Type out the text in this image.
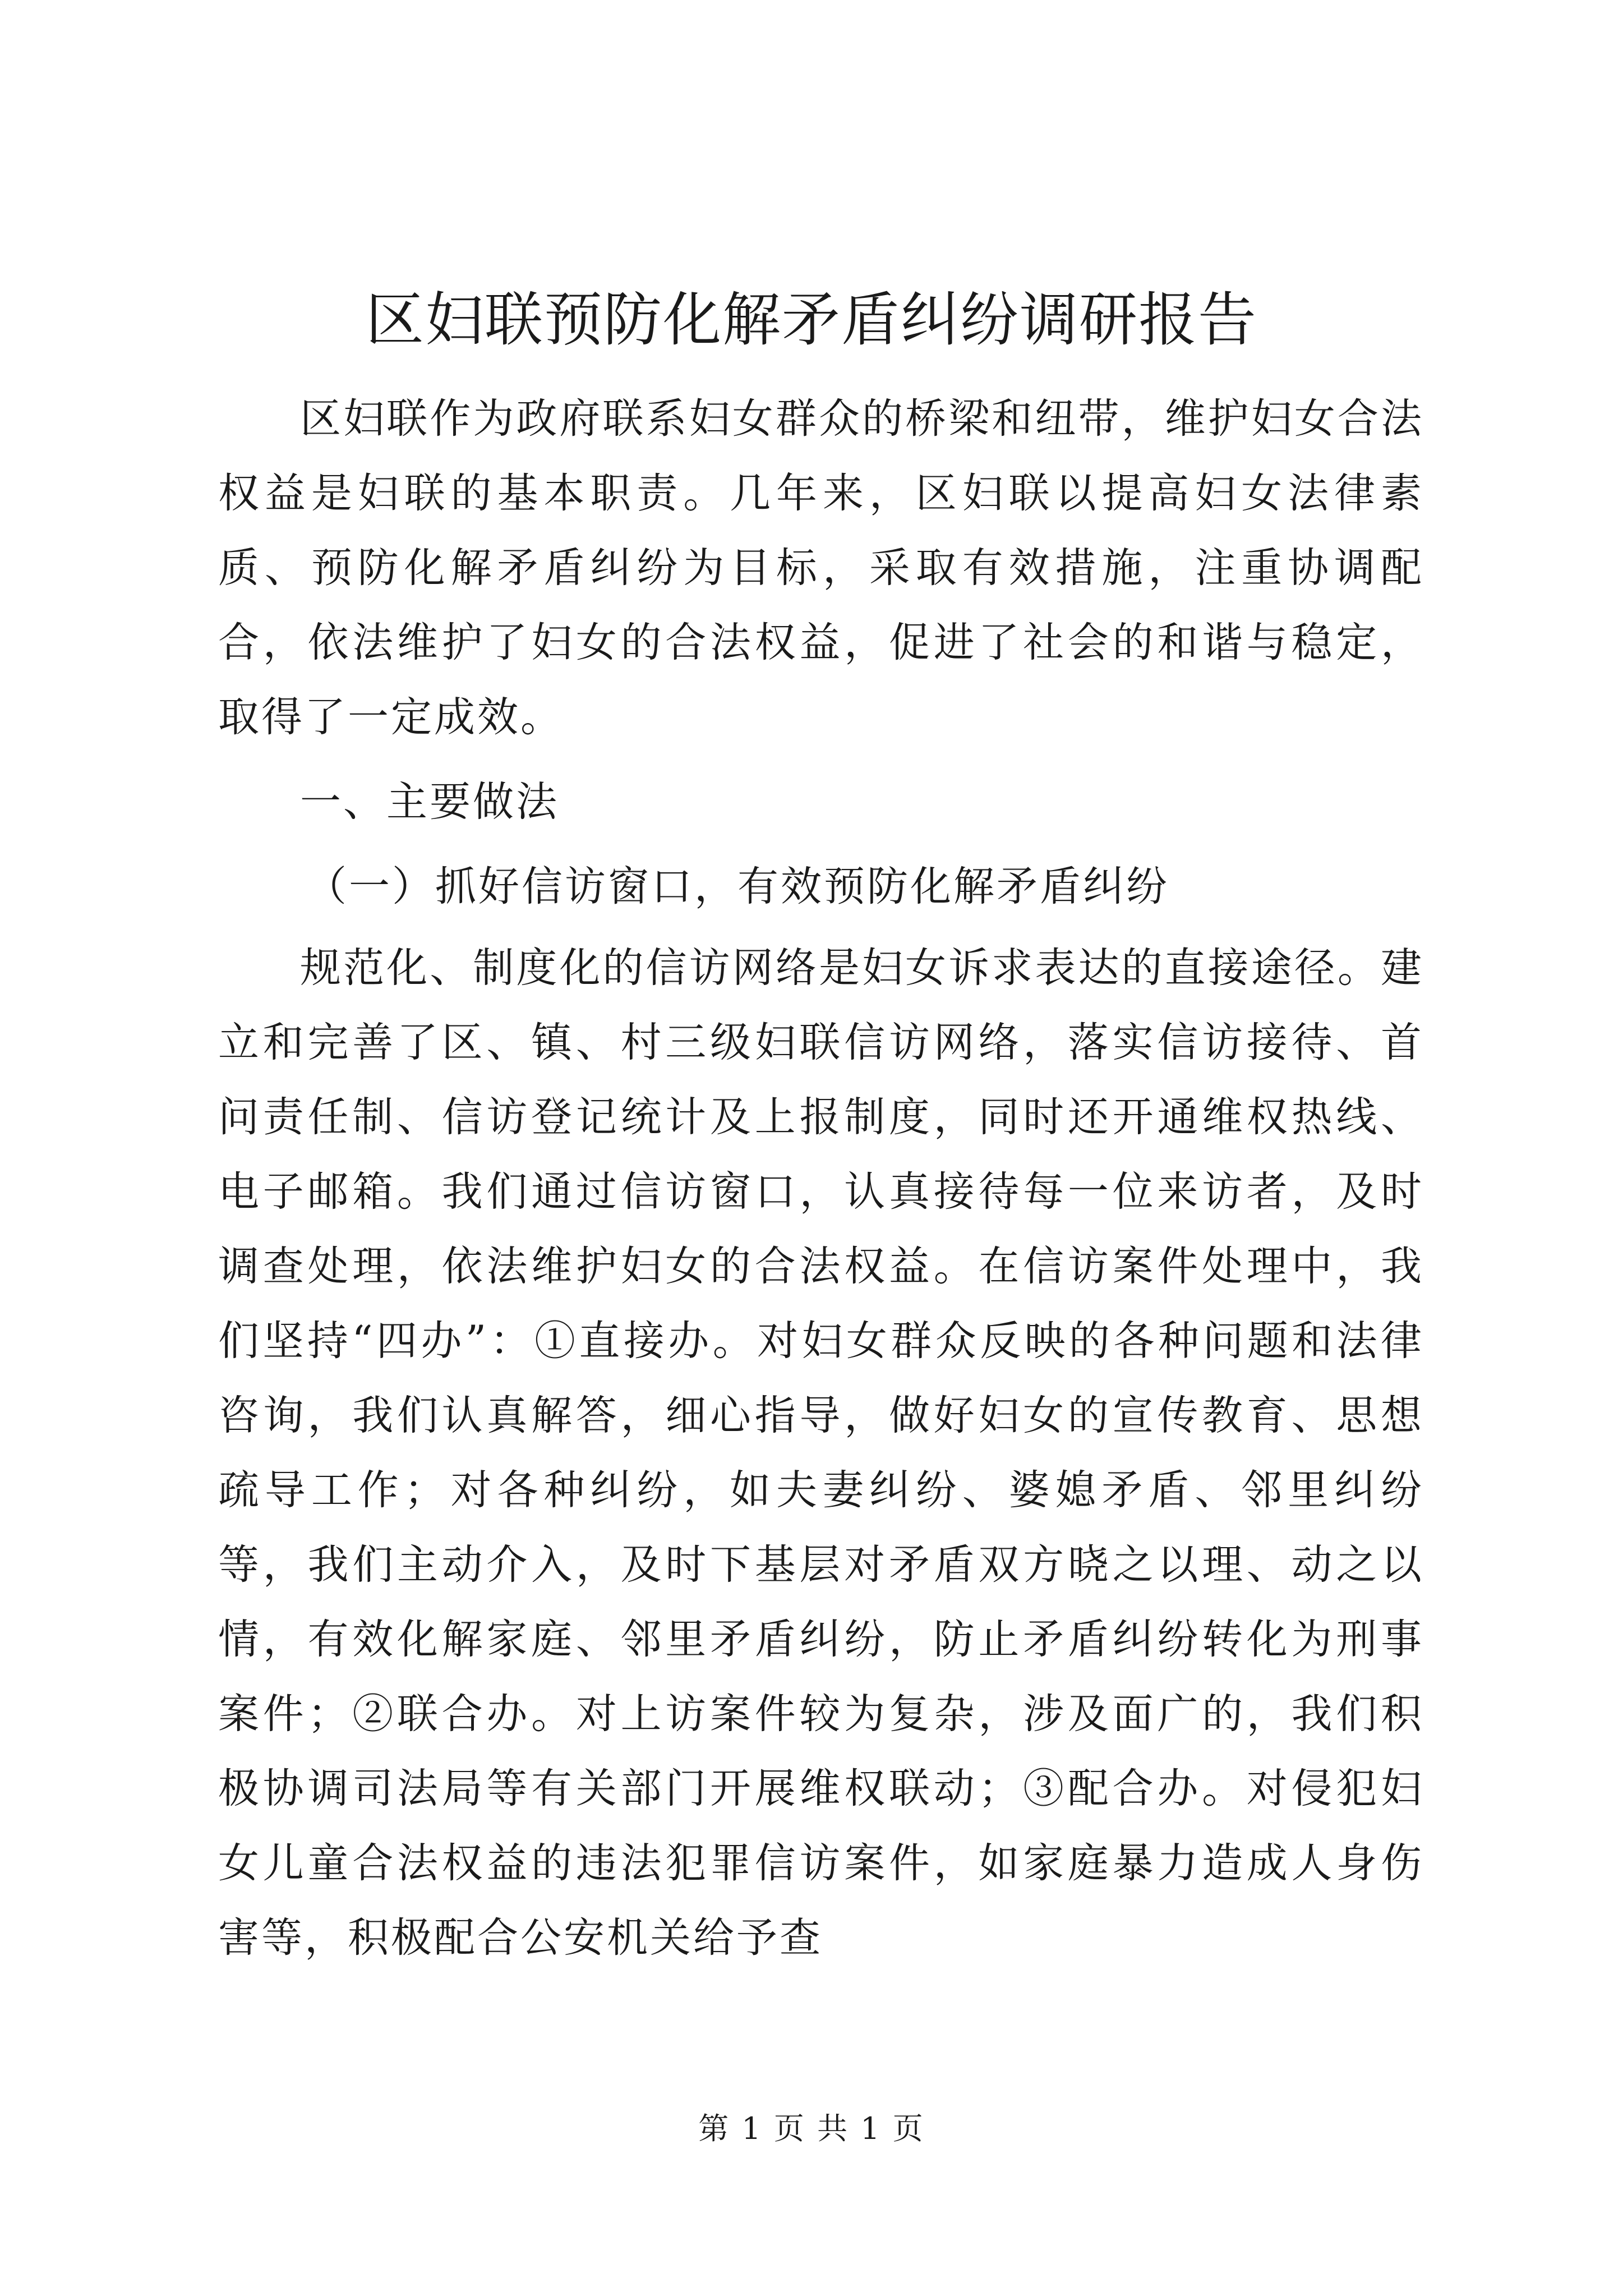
区妇联预防化解矛盾纠纷调研报告

区妇联作为政府联系妇女群众的桥梁和纽带，维护妇女合法权益是妇联的基本职责。几年来，区妇联以提高妇女法律素质、预防化解矛盾纠纷为目标，采取有效措施，注重协调配合，依法维护了妇女的合法权益，促进了社会的和谐与稳定，取得了一定成效。

一、主要做法

（一）抓好信访窗口，有效预防化解矛盾纠纷

规范化、制度化的信访网络是妇女诉求表达的直接途径。建立和完善了区、镇、村三级妇联信访网络，落实信访接待、首问责任制、信访登记统计及上报制度，同时还开通维权热线、电子邮箱。我们通过信访窗口，认真接待每一位来访者，及时调查处理，依法维护妇女的合法权益。在信访案件处理中，我们坚持“四办”：①直接办。对妇女群众反映的各种问题和法律咨询，我们认真解答，细心指导，做好妇女的宣传教育、思想疏导工作；对各种纠纷，如夫妻纠纷、婆媳矛盾、邻里纠纷等，我们主动介入，及时下基层对矛盾双方晓之以理、动之以情，有效化解家庭、邻里矛盾纠纷，防止矛盾纠纷转化为刑事案件；②联合办。对上访案件较为复杂，涉及面广的，我们积极协调司法局等有关部门开展维权联动；③配合办。对侵犯妇女儿童合法权益的违法犯罪信访案件，如家庭暴力造成人身伤害等，积极配合公安机关给予查

第 1 页 共 1 页
